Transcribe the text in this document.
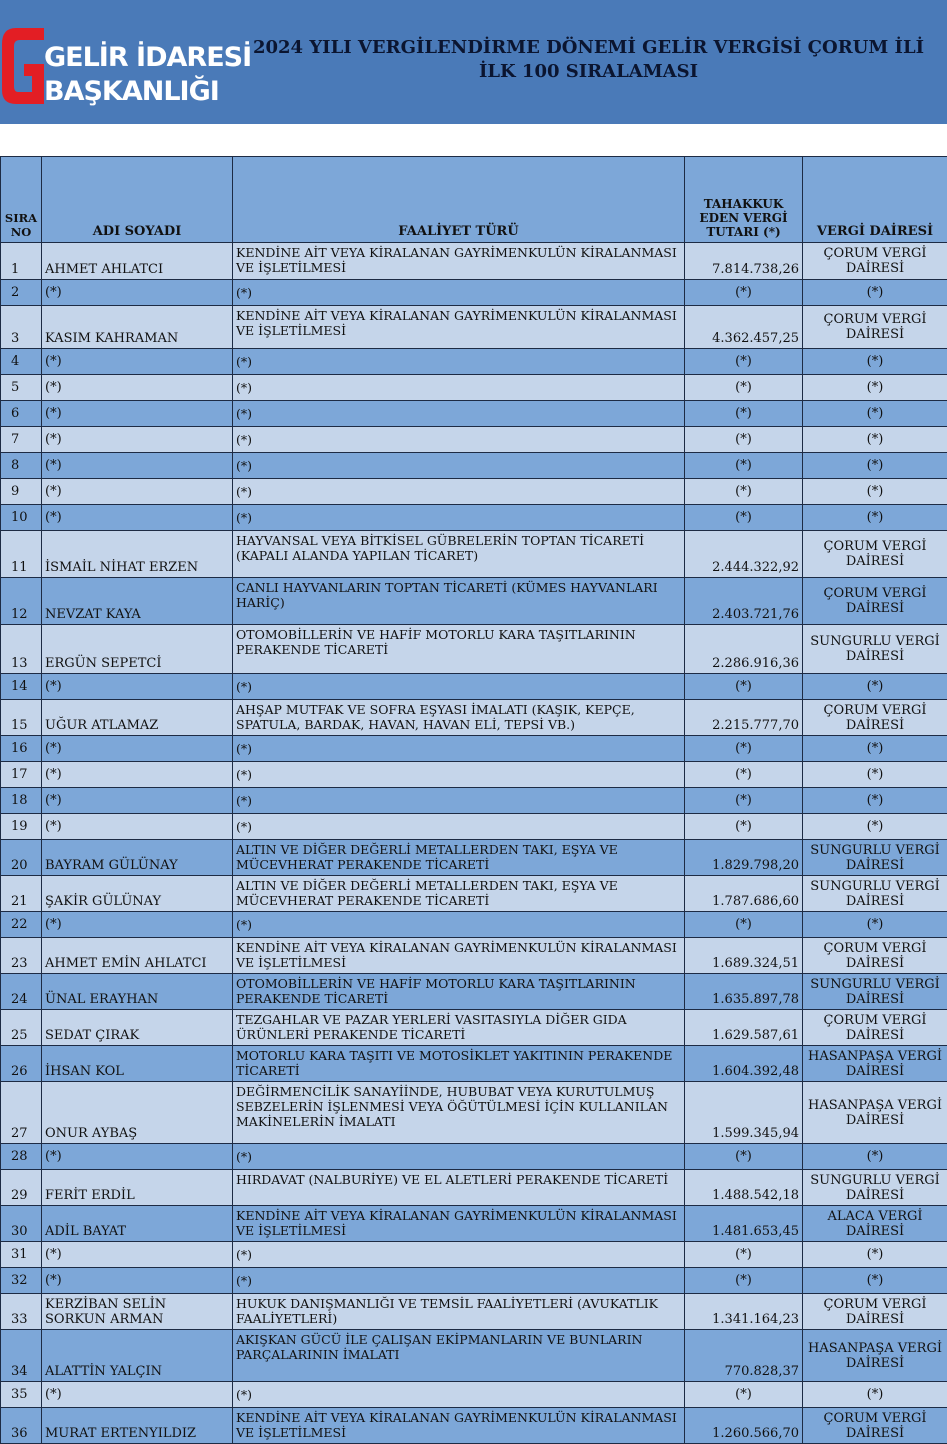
GELİR İDARESİ
BAŞKANLIĞI
2024 YILI VERGİLENDİRME DÖNEMİ GELİR VERGİSİ ÇORUM İLİ
İLK 100 SIRALAMASI
SIRA NO	ADI SOYADI	FAALİYET TÜRÜ	TAHAKKUK EDEN VERGİ TUTARI (*)	VERGİ DAİRESİ
1	AHMET AHLATCI	KENDİNE AİT VEYA KİRALANAN GAYRİMENKULÜN KİRALANMASI VE İŞLETİLMESİ	7.814.738,26	ÇORUM VERGİ DAİRESİ
2	(*)	(*)	(*)	(*)
3	KASIM KAHRAMAN	KENDİNE AİT VEYA KİRALANAN GAYRİMENKULÜN KİRALANMASI VE İŞLETİLMESİ	4.362.457,25	ÇORUM VERGİ DAİRESİ
4	(*)	(*)	(*)	(*)
5	(*)	(*)	(*)	(*)
6	(*)	(*)	(*)	(*)
7	(*)	(*)	(*)	(*)
8	(*)	(*)	(*)	(*)
9	(*)	(*)	(*)	(*)
10	(*)	(*)	(*)	(*)
11	İSMAİL NİHAT ERZEN	HAYVANSAL VEYA BİTKİSEL GÜBRELERİN TOPTAN TİCARETİ (KAPALI ALANDA YAPILAN TİCARET)	2.444.322,92	ÇORUM VERGİ DAİRESİ
12	NEVZAT KAYA	CANLI HAYVANLARIN TOPTAN TİCARETİ (KÜMES HAYVANLARI HARİÇ)	2.403.721,76	ÇORUM VERGİ DAİRESİ
13	ERGÜN SEPETCİ	OTOMOBİLLERİN VE HAFİF MOTORLU KARA TAŞITLARININ PERAKENDE TİCARETİ	2.286.916,36	SUNGURLU VERGİ DAİRESİ
14	(*)	(*)	(*)	(*)
15	UĞUR ATLAMAZ	AHŞAP MUTFAK VE SOFRA EŞYASI İMALATI (KAŞIK, KEPÇE, SPATULA, BARDAK, HAVAN, HAVAN ELİ, TEPSİ VB.)	2.215.777,70	ÇORUM VERGİ DAİRESİ
16	(*)	(*)	(*)	(*)
17	(*)	(*)	(*)	(*)
18	(*)	(*)	(*)	(*)
19	(*)	(*)	(*)	(*)
20	BAYRAM GÜLÜNAY	ALTIN VE DİĞER DEĞERLİ METALLERDEN TAKI, EŞYA VE MÜCEVHERAT PERAKENDE TİCARETİ	1.829.798,20	SUNGURLU VERGİ DAİRESİ
21	ŞAKİR GÜLÜNAY	ALTIN VE DİĞER DEĞERLİ METALLERDEN TAKI, EŞYA VE MÜCEVHERAT PERAKENDE TİCARETİ	1.787.686,60	SUNGURLU VERGİ DAİRESİ
22	(*)	(*)	(*)	(*)
23	AHMET EMİN AHLATCI	KENDİNE AİT VEYA KİRALANAN GAYRİMENKULÜN KİRALANMASI VE İŞLETİLMESİ	1.689.324,51	ÇORUM VERGİ DAİRESİ
24	ÜNAL ERAYHAN	OTOMOBİLLERİN VE HAFİF MOTORLU KARA TAŞITLARININ PERAKENDE TİCARETİ	1.635.897,78	SUNGURLU VERGİ DAİRESİ
25	SEDAT ÇIRAK	TEZGAHLAR VE PAZAR YERLERİ VASITASIYLA DİĞER GIDA ÜRÜNLERİ PERAKENDE TİCARETİ	1.629.587,61	ÇORUM VERGİ DAİRESİ
26	İHSAN KOL	MOTORLU KARA TAŞITI VE MOTOSİKLET YAKITININ PERAKENDE TİCARETİ	1.604.392,48	HASANPAŞA VERGİ DAİRESİ
27	ONUR AYBAŞ	DEĞİRMENCİLİK SANAYİİNDE, HUBUBAT VEYA KURUTULMUŞ SEBZELERİN İŞLENMESİ VEYA ÖĞÜTÜLMESİ İÇİN KULLANILAN MAKİNELERİN İMALATI	1.599.345,94	HASANPAŞA VERGİ DAİRESİ
28	(*)	(*)	(*)	(*)
29	FERİT ERDİL	HIRDAVAT (NALBURİYE) VE EL ALETLERİ PERAKENDE TİCARETİ	1.488.542,18	SUNGURLU VERGİ DAİRESİ
30	ADİL BAYAT	KENDİNE AİT VEYA KİRALANAN GAYRİMENKULÜN KİRALANMASI VE İŞLETİLMESİ	1.481.653,45	ALACA VERGİ DAİRESİ
31	(*)	(*)	(*)	(*)
32	(*)	(*)	(*)	(*)
33	KERZİBAN SELİN SORKUN ARMAN	HUKUK DANIŞMANLIĞI VE TEMSİL FAALİYETLERİ (AVUKATLIK FAALİYETLERİ)	1.341.164,23	ÇORUM VERGİ DAİRESİ
34	ALATTİN YALÇIN	AKIŞKAN GÜCÜ İLE ÇALIŞAN EKİPMANLARIN VE BUNLARIN PARÇALARININ İMALATI	770.828,37	HASANPAŞA VERGİ DAİRESİ
35	(*)	(*)	(*)	(*)
36	MURAT ERTENYILDIZ	KENDİNE AİT VEYA KİRALANAN GAYRİMENKULÜN KİRALANMASI VE İŞLETİLMESİ	1.260.566,70	ÇORUM VERGİ DAİRESİ
